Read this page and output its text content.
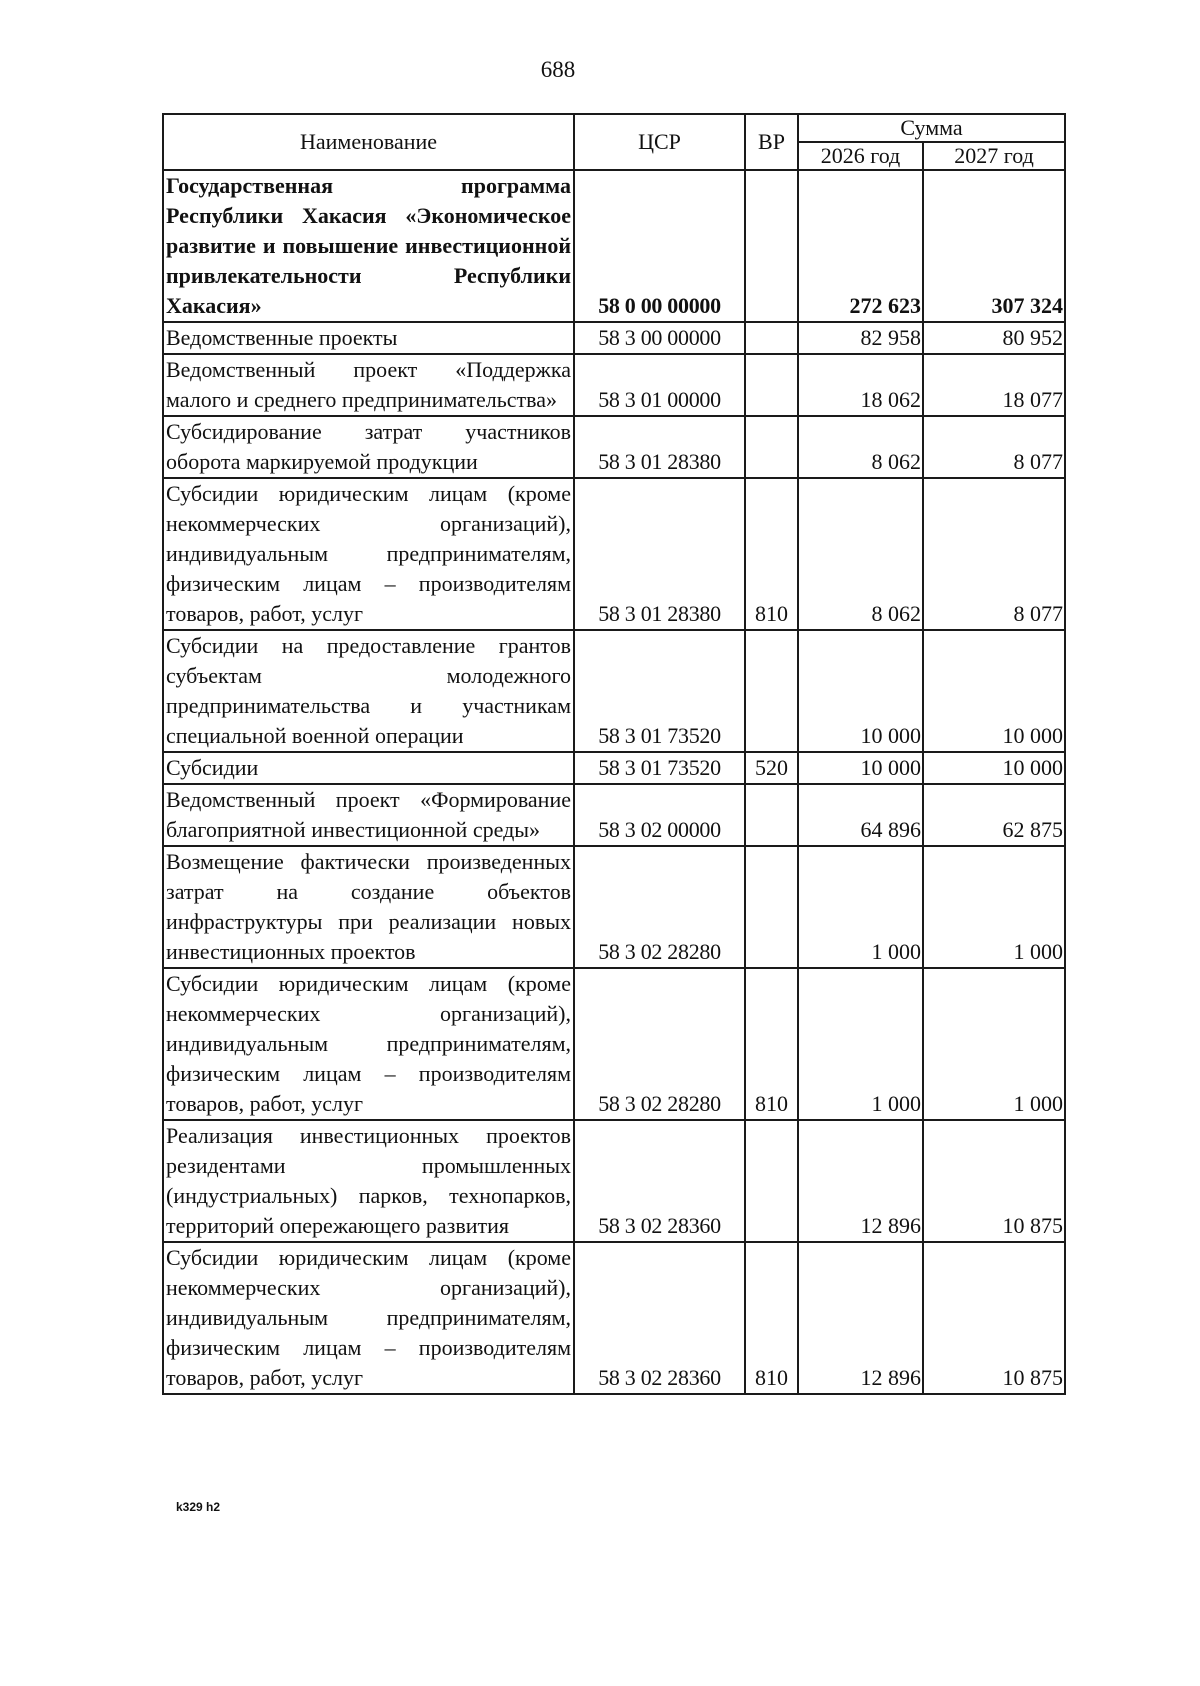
688
Наименование	ЦСР	ВР	Сумма	
			2026 год	2027 год
Государственная программа Республики Хакасия «Экономическое развитие и повышение инвестиционной привлекательности Республики Хакасия»	58 0 00 00000		272 623	307 324
Ведомственные проекты	58 3 00 00000		82 958	80 952
Ведомственный проект «Поддержка малого и среднего предпринимательства»	58 3 01 00000		18 062	18 077
Субсидирование затрат участников оборота маркируемой продукции	58 3 01 28380		8 062	8 077
Субсидии юридическим лицам (кроме некоммерческих организаций), индивидуальным предпринимателям, физическим лицам – производителям товаров, работ, услуг	58 3 01 28380	810	8 062	8 077
Субсидии на предоставление грантов субъектам молодежного предпринимательства и участникам специальной военной операции	58 3 01 73520		10 000	10 000
Субсидии	58 3 01 73520	520	10 000	10 000
Ведомственный проект «Формирование благоприятной инвестиционной среды»	58 3 02 00000		64 896	62 875
Возмещение фактически произведенных затрат на создание объектов инфраструктуры при реализации новых инвестиционных проектов	58 3 02 28280		1 000	1 000
Субсидии юридическим лицам (кроме некоммерческих организаций), индивидуальным предпринимателям, физическим лицам – производителям товаров, работ, услуг	58 3 02 28280	810	1 000	1 000
Реализация инвестиционных проектов резидентами промышленных (индустриальных) парков, технопарков, территорий опережающего развития	58 3 02 28360		12 896	10 875
Субсидии юридическим лицам (кроме некоммерческих организаций), индивидуальным предпринимателям, физическим лицам – производителям товаров, работ, услуг	58 3 02 28360	810	12 896	10 875
k329 h2
